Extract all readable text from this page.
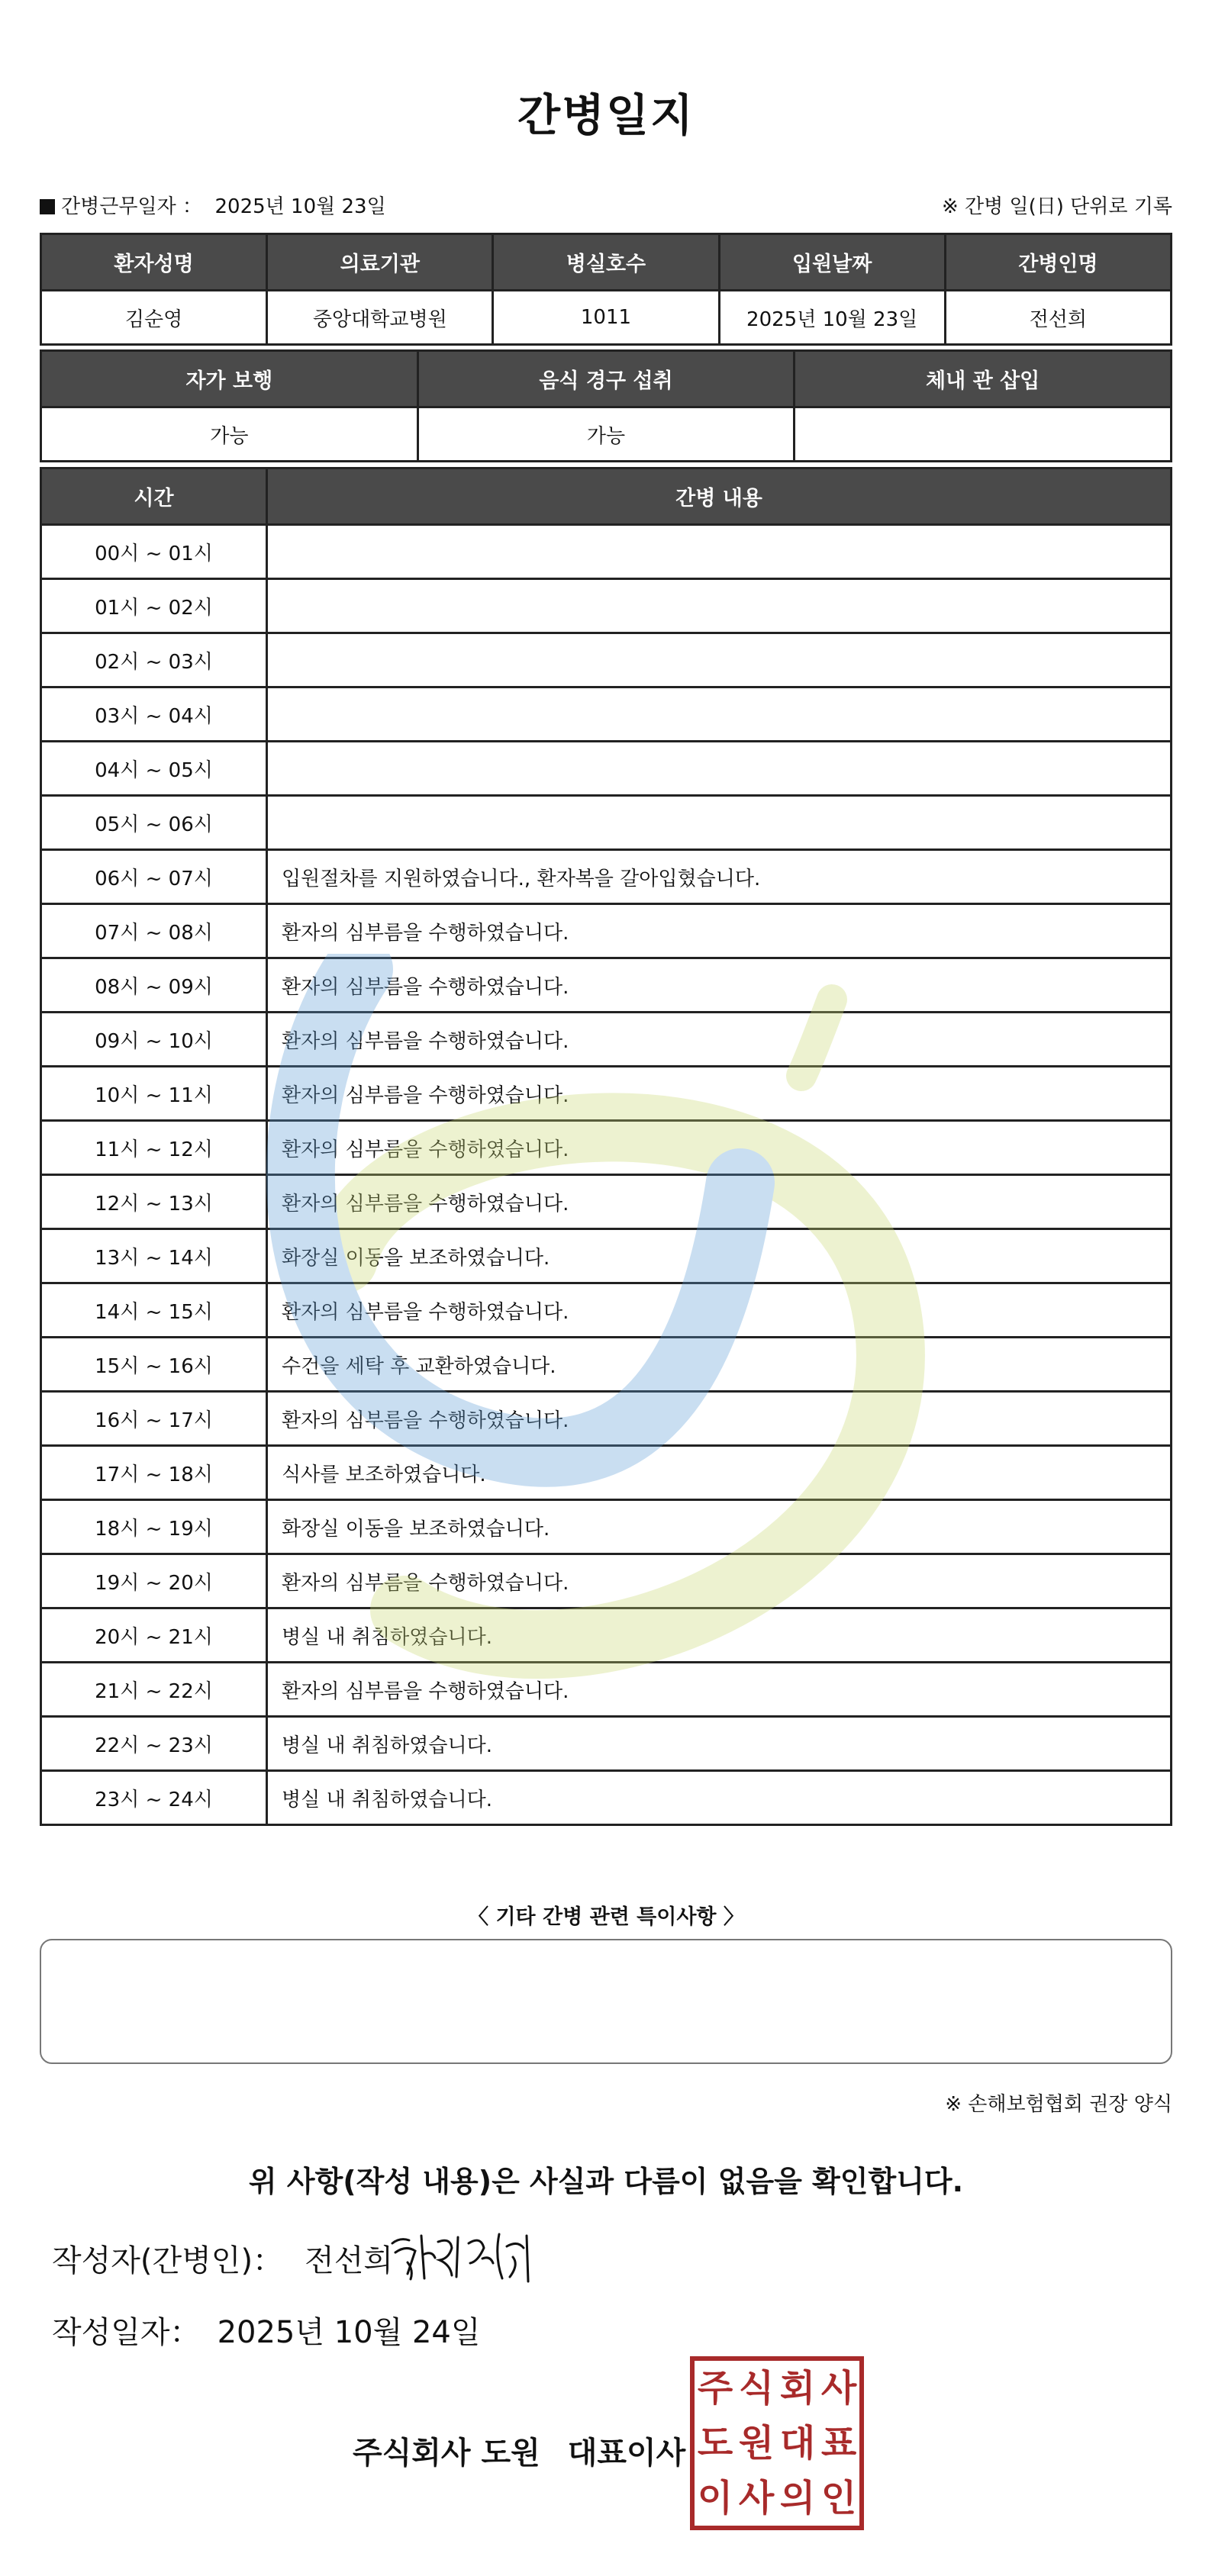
간병일지
간병근무일자 ： 2025년 10월 23일	※ 간병 일(日) 단위로 기록
환자성명	의료기관	병실호수	입원날짜	간병인명
김순영	중앙대학교병원	1011	2025년 10월 23일	전선희
자가 보행	음식 경구 섭취	체내 관 삽입
가능	가능	
시간	간병 내용
00시 ~ 01시	
01시 ~ 02시	
02시 ~ 03시	
03시 ~ 04시	
04시 ~ 05시	
05시 ~ 06시	
06시 ~ 07시	입원절차를 지원하였습니다., 환자복을 갈아입혔습니다.
07시 ~ 08시	환자의 심부름을 수행하였습니다.
08시 ~ 09시	환자의 심부름을 수행하였습니다.
09시 ~ 10시	환자의 심부름을 수행하였습니다.
10시 ~ 11시	환자의 심부름을 수행하였습니다.
11시 ~ 12시	환자의 심부름을 수행하였습니다.
12시 ~ 13시	환자의 심부름을 수행하였습니다.
13시 ~ 14시	화장실 이동을 보조하였습니다.
14시 ~ 15시	환자의 심부름을 수행하였습니다.
15시 ~ 16시	수건을 세탁 후 교환하였습니다.
16시 ~ 17시	환자의 심부름을 수행하였습니다.
17시 ~ 18시	식사를 보조하였습니다.
18시 ~ 19시	화장실 이동을 보조하였습니다.
19시 ~ 20시	환자의 심부름을 수행하였습니다.
20시 ~ 21시	병실 내 취침하였습니다.
21시 ~ 22시	환자의 심부름을 수행하였습니다.
22시 ~ 23시	병실 내 취침하였습니다.
23시 ~ 24시	병실 내 취침하였습니다.
〈 기타 간병 관련 특이사항 〉
※ 손해보험협회 권장 양식
위 사항(작성 내용)은 사실과 다름이 없음을 확인합니다.
작성자(간병인)： 전선희
작성일자： 2025년 10월 24일
주식회사 도원 대표이사
주 식 회 사
도 원 대 표
이 사 의 인
